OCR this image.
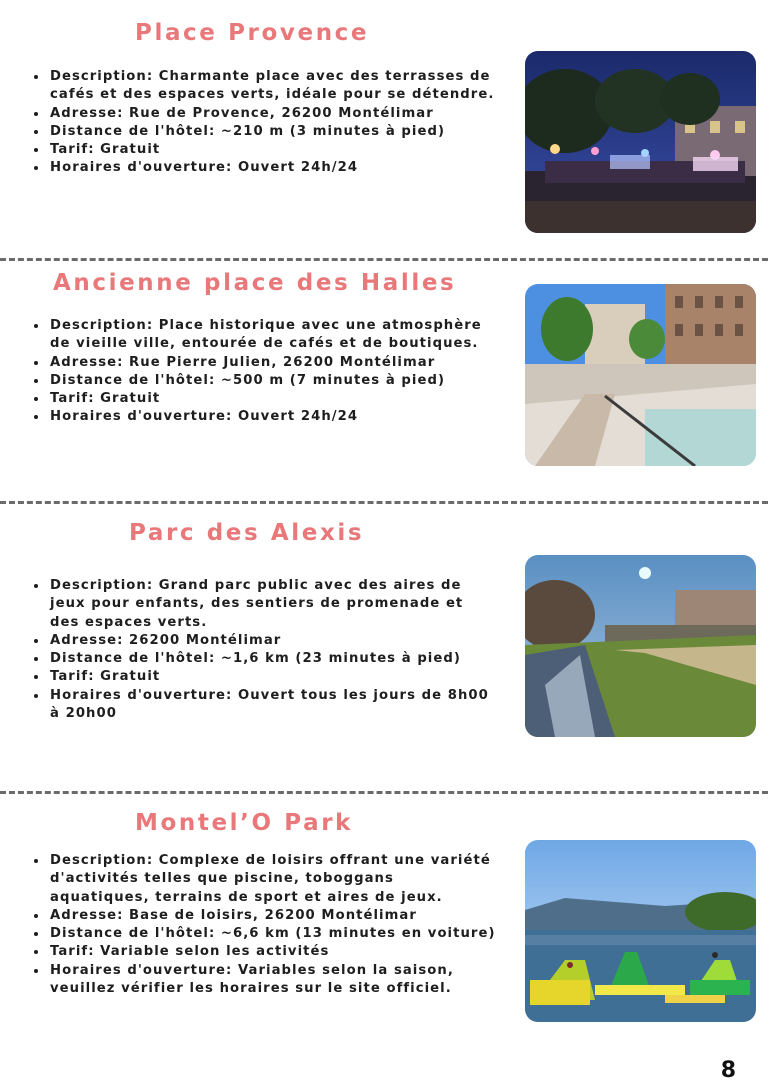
Place Provence
Description: Charmante place avec des terrasses de cafés et des espaces verts, idéale pour se détendre.
Adresse: Rue de Provence, 26200 Montélimar
Distance de l'hôtel: ~210 m (3 minutes à pied)
Tarif: Gratuit
Horaires d'ouverture: Ouvert 24h/24
Ancienne place des Halles
Description: Place historique avec une atmosphère de vieille ville, entourée de cafés et de boutiques.
Adresse: Rue Pierre Julien, 26200 Montélimar
Distance de l'hôtel: ~500 m (7 minutes à pied)
Tarif: Gratuit
Horaires d'ouverture: Ouvert 24h/24
Parc des Alexis
Description: Grand parc public avec des aires de jeux pour enfants, des sentiers de promenade et des espaces verts.
Adresse: 26200 Montélimar
Distance de l'hôtel: ~1,6 km (23 minutes à pied)
Tarif: Gratuit
Horaires d'ouverture: Ouvert tous les jours de 8h00 à 20h00
Montel’O Park
Description: Complexe de loisirs offrant une variété d'activités telles que piscine, toboggans aquatiques, terrains de sport et aires de jeux.
Adresse: Base de loisirs, 26200 Montélimar
Distance de l'hôtel: ~6,6 km (13 minutes en voiture)
Tarif: Variable selon les activités
Horaires d'ouverture: Variables selon la saison, veuillez vérifier les horaires sur le site officiel.
8
